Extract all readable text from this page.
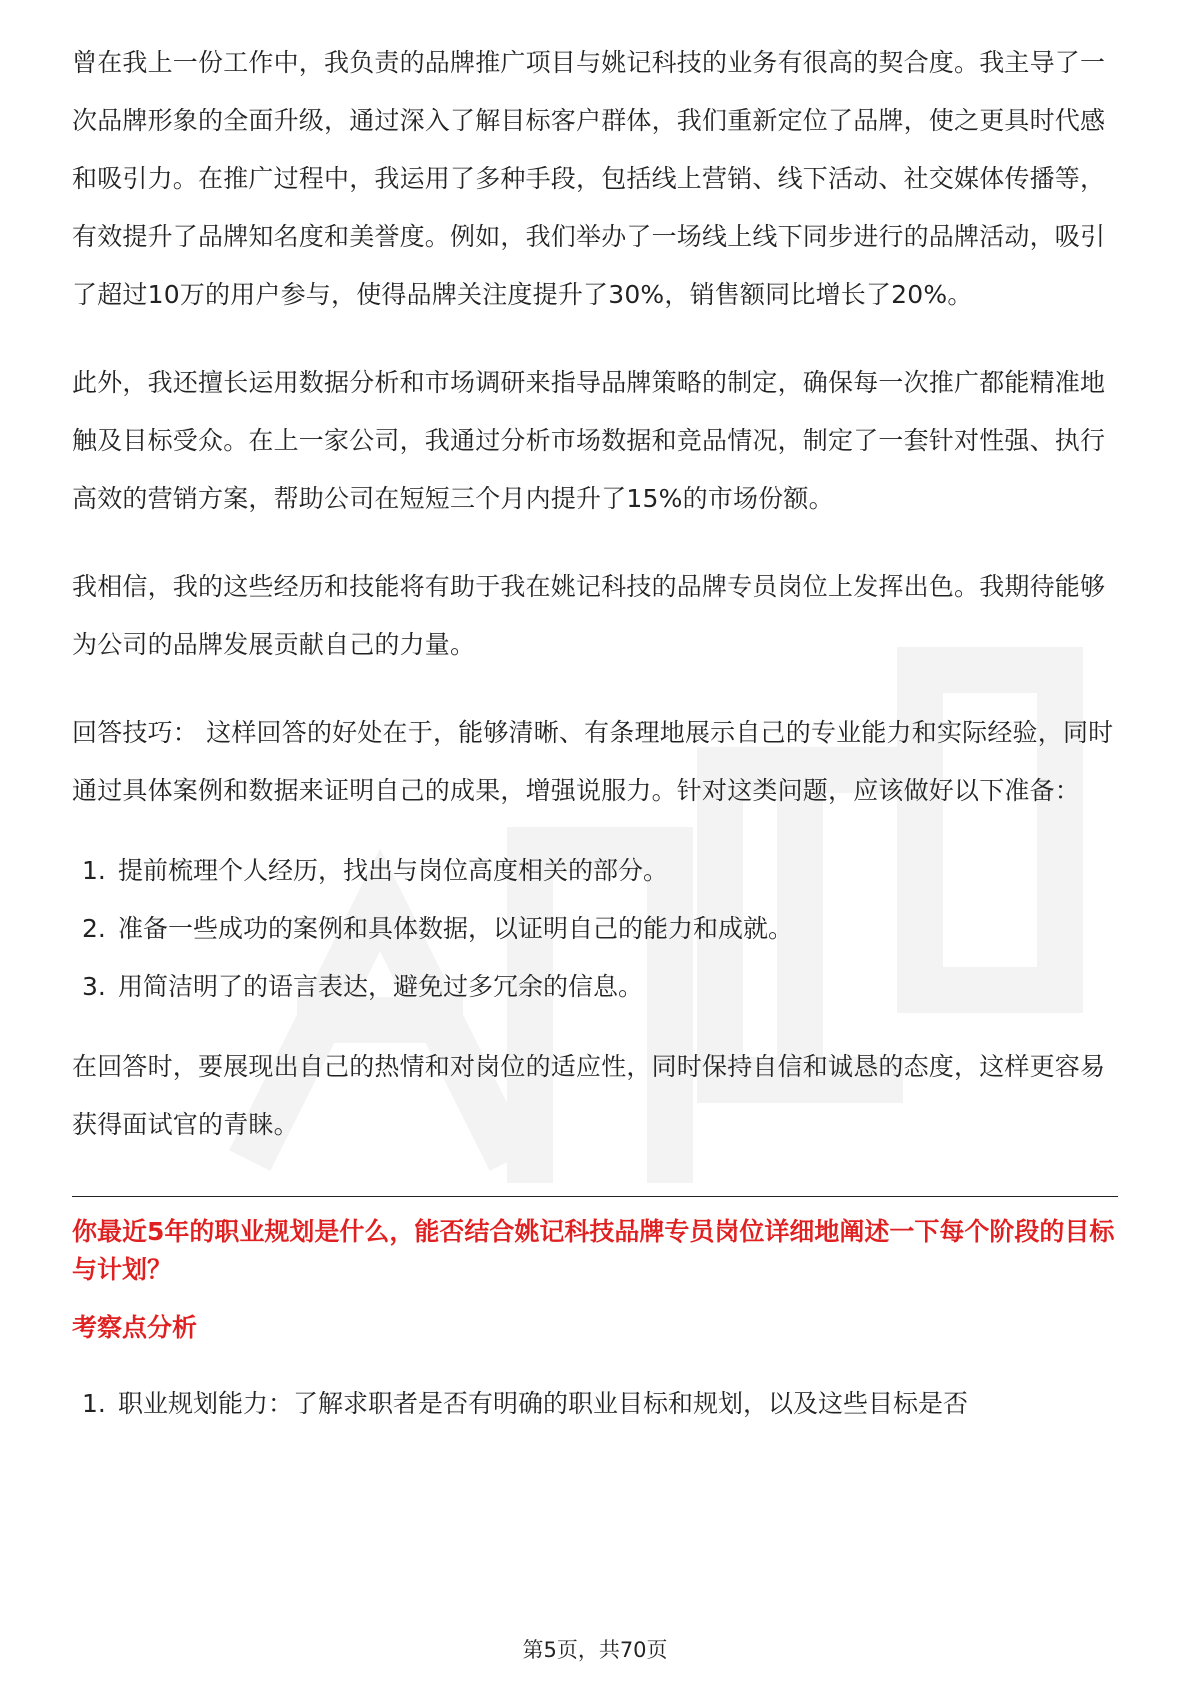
曾在我上一份工作中，我负责的品牌推广项目与姚记科技的业务有很高的契合度。我主导了一次品牌形象的全面升级，通过深入了解目标客户群体，我们重新定位了品牌，使之更具时代感和吸引力。在推广过程中，我运用了多种手段，包括线上营销、线下活动、社交媒体传播等，有效提升了品牌知名度和美誉度。例如，我们举办了一场线上线下同步进行的品牌活动，吸引了超过10万的用户参与，使得品牌关注度提升了30%，销售额同比增长了20%。

此外，我还擅长运用数据分析和市场调研来指导品牌策略的制定，确保每一次推广都能精准地触及目标受众。在上一家公司，我通过分析市场数据和竞品情况，制定了一套针对性强、执行高效的营销方案，帮助公司在短短三个月内提升了15%的市场份额。

我相信，我的这些经历和技能将有助于我在姚记科技的品牌专员岗位上发挥出色。我期待能够为公司的品牌发展贡献自己的力量。

回答技巧： 这样回答的好处在于，能够清晰、有条理地展示自己的专业能力和实际经验，同时通过具体案例和数据来证明自己的成果，增强说服力。针对这类问题，应该做好以下准备：

1. 提前梳理个人经历，找出与岗位高度相关的部分。
2. 准备一些成功的案例和具体数据，以证明自己的能力和成就。
3. 用简洁明了的语言表达，避免过多冗余的信息。

在回答时，要展现出自己的热情和对岗位的适应性，同时保持自信和诚恳的态度，这样更容易获得面试官的青睐。

你最近5年的职业规划是什么，能否结合姚记科技品牌专员岗位详细地阐述一下每个阶段的目标与计划？

考察点分析

1. 职业规划能力：了解求职者是否有明确的职业目标和规划，以及这些目标是否
第5页，共70页
